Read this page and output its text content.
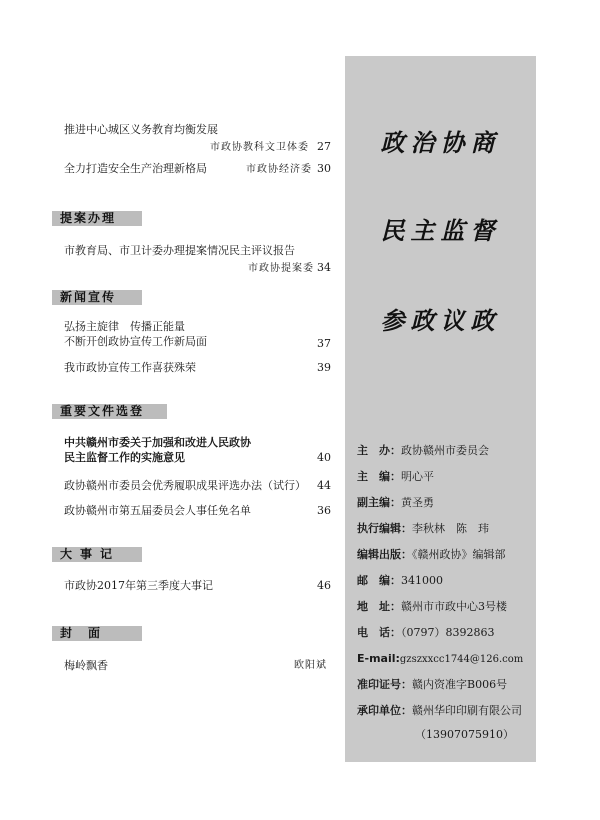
推进中心城区义务教育均衡发展
市政协教科文卫体委 27
全力打造安全生产治理新格局	市政协经济委 30
提案办理
市教育局、市卫计委办理提案情况民主评议报告
市政协提案委 34
新闻宣传
弘扬主旋律　传播正能量
不断开创政协宣传工作新局面	37
我市政协宣传工作喜获殊荣	39
重要文件选登
中共赣州市委关于加强和改进人民政协
民主监督工作的实施意见	40
政协赣州市委员会优秀履职成果评选办法（试行） 44
政协赣州市第五届委员会人事任免名单	36
大事记
市政协2017年第三季度大事记	46
封面
梅岭飘香	欧阳斌
政治协商
民主监督
参政议政
主　办：政协赣州市委员会
主　编：明心平
副主编：黄圣勇
执行编辑：李秋林　陈　玮
编辑出版：《赣州政协》编辑部
邮　编：341000
地　址：赣州市市政中心3号楼
电　话：（0797）8392863
E-mail:gzszxxcc1744@126.com
准印证号：赣内资准字B006号
承印单位：赣州华印印刷有限公司
（13907075910）
